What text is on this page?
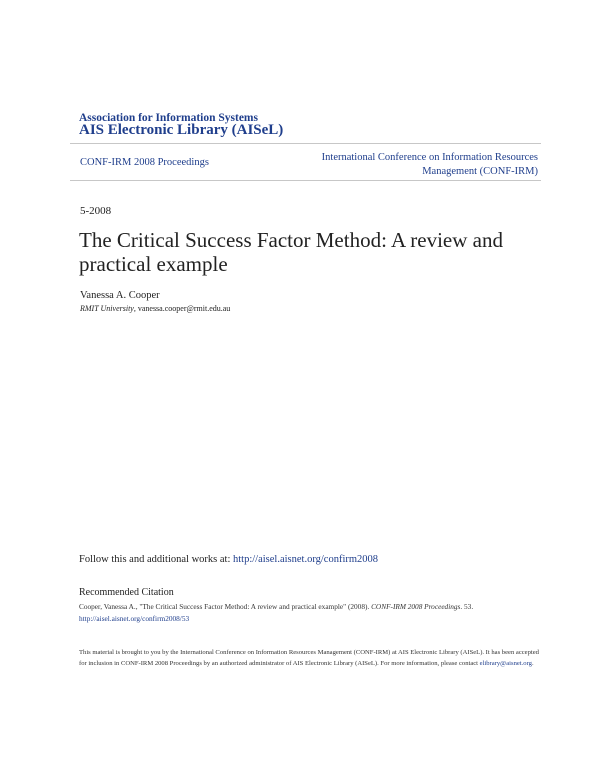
Association for Information Systems
AIS Electronic Library (AISeL)
CONF-IRM 2008 Proceedings	International Conference on Information Resources Management (CONF-IRM)
5-2008
The Critical Success Factor Method: A review and practical example
Vanessa A. Cooper
RMIT University, vanessa.cooper@rmit.edu.au
Follow this and additional works at: http://aisel.aisnet.org/confirm2008
Recommended Citation
Cooper, Vanessa A., "The Critical Success Factor Method: A review and practical example" (2008). CONF-IRM 2008 Proceedings. 53.
http://aisel.aisnet.org/confirm2008/53
This material is brought to you by the International Conference on Information Resources Management (CONF-IRM) at AIS Electronic Library (AISeL). It has been accepted for inclusion in CONF-IRM 2008 Proceedings by an authorized administrator of AIS Electronic Library (AISeL). For more information, please contact elibrary@aisnet.org.
